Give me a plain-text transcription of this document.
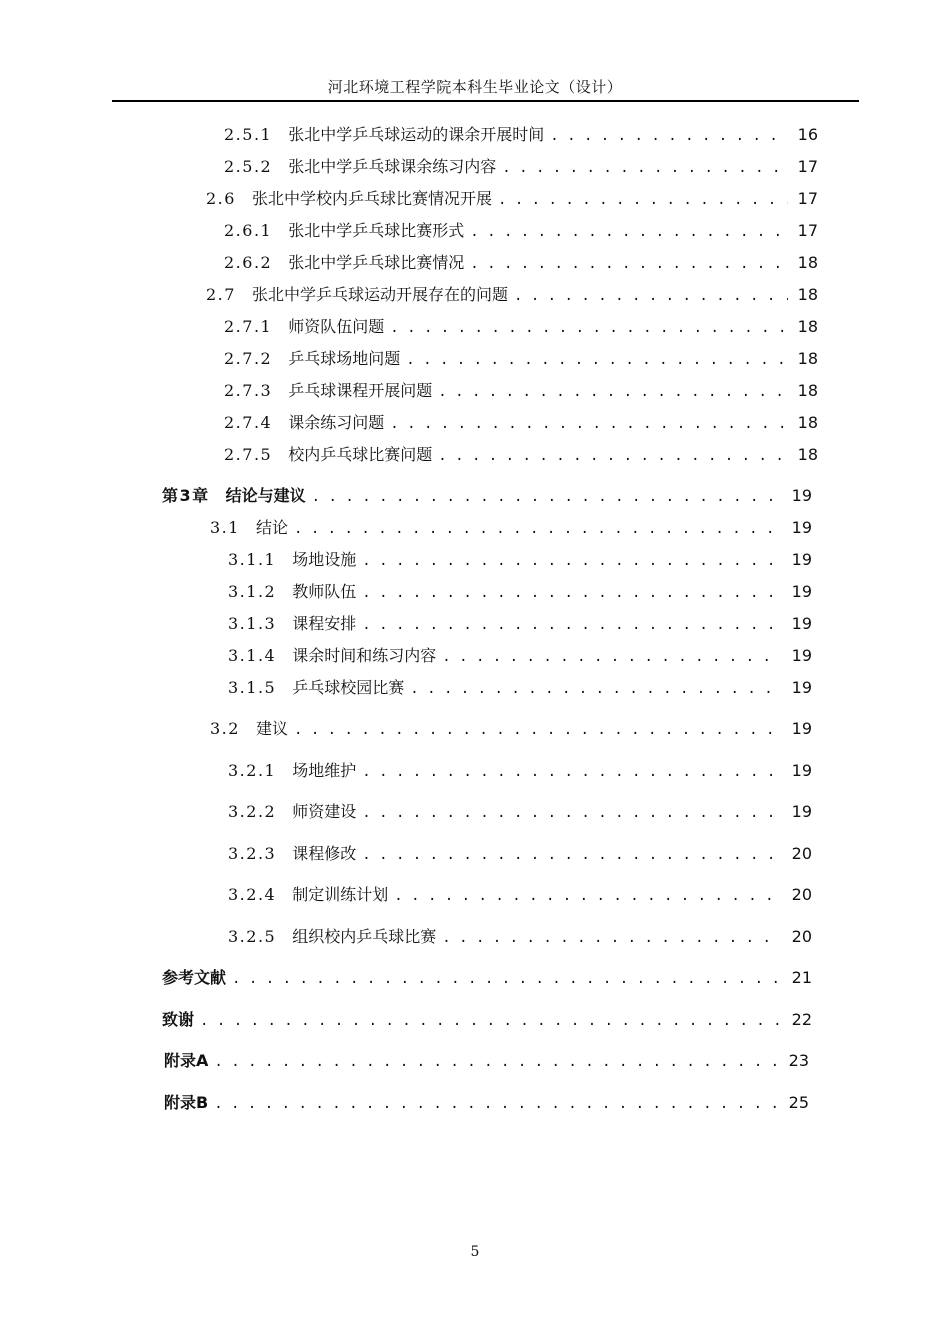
河北环境工程学院本科生毕业论文（设计）
2.5.1 张北中学乒乓球运动的课余开展时间 . . .	16
2.5.2 张北中学乒乓球课余练习内容 . . .	17
2.6 张北中学校内乒乓球比赛情况开展 . . .	17
2.6.1 张北中学乒乓球比赛形式 . . .	17
2.6.2 张北中学乒乓球比赛情况 . . .	18
2.7 张北中学乒乓球运动开展存在的问题 . . .	18
2.7.1 师资队伍问题 . . .	18
2.7.2 乒乓球场地问题 . . .	18
2.7.3 乒乓球课程开展问题 . . .	18
2.7.4 课余练习问题 . . .	18
2.7.5 校内乒乓球比赛问题 . . .	18
第3章 结论与建议 . . .	19
3.1 结论 . . .	19
3.1.1 场地设施 . . .	19
3.1.2 教师队伍 . . .	19
3.1.3 课程安排 . . .	19
3.1.4 课余时间和练习内容 . . .	19
3.1.5 乒乓球校园比赛 . . .	19
3.2 建议 . . .	19
3.2.1 场地维护 . . .	19
3.2.2 师资建设 . . .	19
3.2.3 课程修改 . . .	20
3.2.4 制定训练计划 . . .	20
3.2.5 组织校内乒乓球比赛 . . .	20
参考文献 . . .	21
致谢 . . .	22
附录A . . .	23
附录B . . .	25
5
